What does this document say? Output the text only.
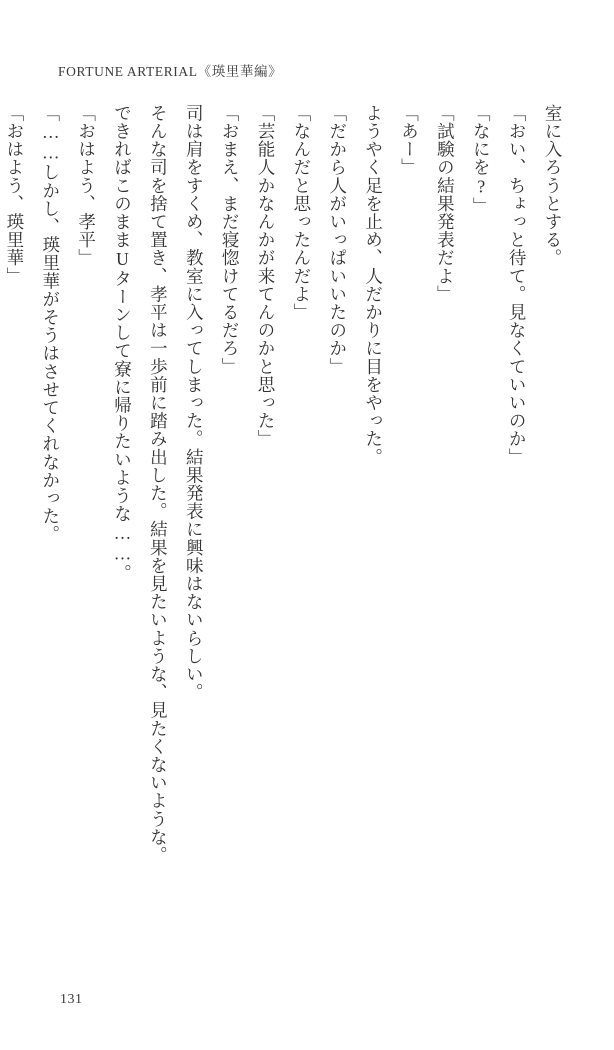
FORTUNE ARTERIAL《瑛里華編》

室に入ろうとする。

「おい、ちょっと待て。見なくていいのか」

「なにを?」

「試験の結果発表だよ」

「あー」

ようやく足を止め、人だかりに目をやった。

「だから人がいっぱいいたのか」

「なんだと思ったんだよ」

「芸能人かなんかが来てんのかと思った」

「おまえ、まだ寝惚けてるだろ」

司は肩をすくめ、教室に入ってしまった。結果発表に興味はないらしい。

そんな司を捨て置き、孝平は一歩前に踏み出した。結果を見たいような、見たくないような。

できればこのままUターンして寮に帰りたいような……。

「おはよう、孝平」

「……しかし、瑛里華がそうはさせてくれなかった。

「おはよう、瑛里華」

131
